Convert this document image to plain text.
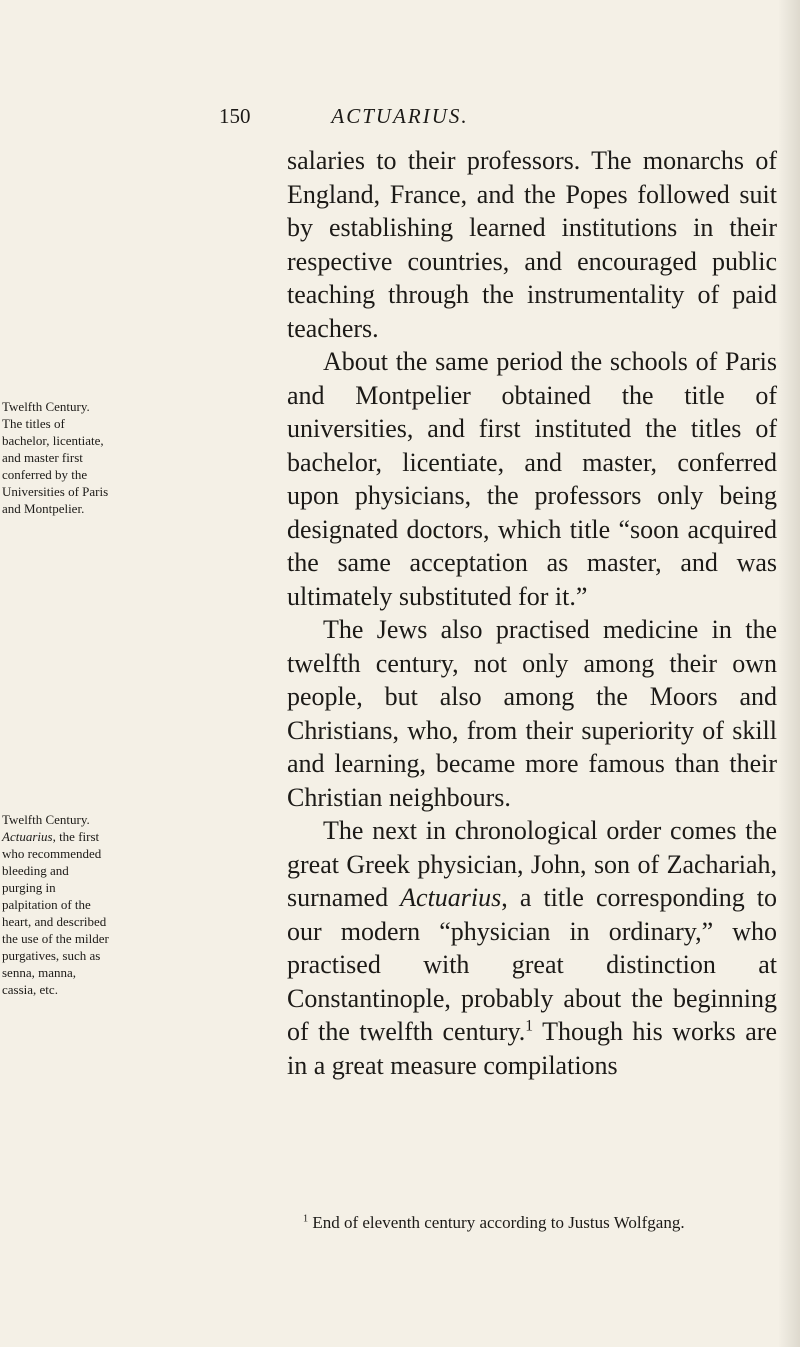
150	ACTUARIUS.

salaries to their professors. The monarchs of England, France, and the Popes followed suit by establishing learned institutions in their respective countries, and encouraged public teaching through the instrumentality of paid teachers.

About the same period the schools of Paris and Montpelier obtained the title of universities, and first instituted the titles of bachelor, licentiate, and master, conferred upon physicians, the professors only being designated doctors, which title “soon acquired the same acceptation as master, and was ultimately substituted for it.”

The Jews also practised medicine in the twelfth century, not only among their own people, but also among the Moors and Christians, who, from their superiority of skill and learning, became more famous than their Christian neighbours.

The next in chronological order comes the great Greek physician, John, son of Zachariah, surnamed Actuarius, a title corresponding to our modern “physician in ordinary,” who practised with great distinction at Constantinople, probably about the beginning of the twelfth century.$^1$ Though his works are in a great measure compilations

Twelfth Century.
The titles of bachelor, licentiate, and master first conferred by the Universities of Paris and Montpelier.
Twelfth Century.
Actuarius, the first who recommended bleeding and purging in palpitation of the heart, and described the use of the milder purgatives, such as senna, manna, cassia, etc.
$^1$ End of eleventh century according to Justus Wolfgang.
